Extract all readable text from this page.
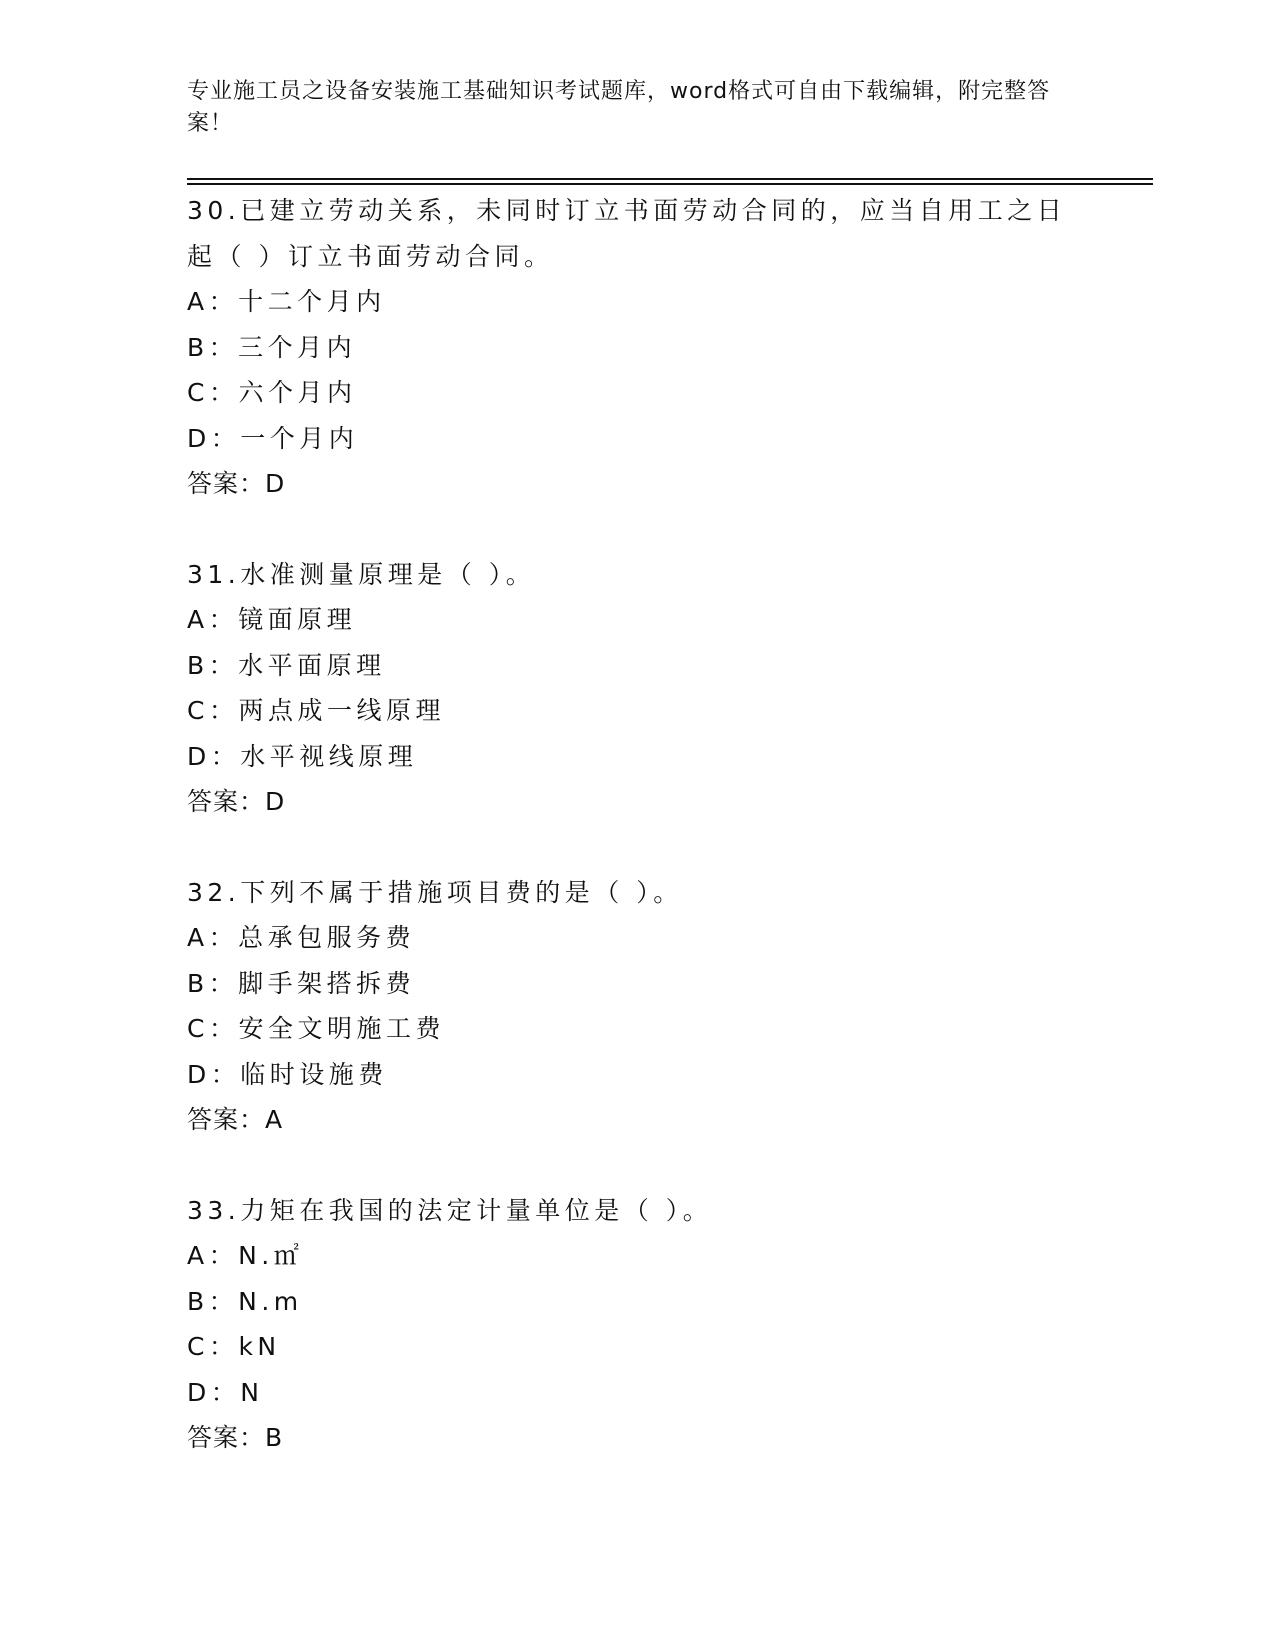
专业施工员之设备安装施工基础知识考试题库，word格式可自由下载编辑，附完整答案！

30.已建立劳动关系，未同时订立书面劳动合同的，应当自用工之日起（ ）订立书面劳动合同。

A：十二个月内

B：三个月内

C：六个月内

D：一个月内

答案：D

31.水准测量原理是（ ）。

A：镜面原理

B：水平面原理

C：两点成一线原理

D：水平视线原理

答案：D

32.下列不属于措施项目费的是（ ）。

A：总承包服务费

B：脚手架搭拆费

C：安全文明施工费

D：临时设施费

答案：A

33.力矩在我国的法定计量单位是（ ）。

A：N.㎡

B：N.m

C：kN

D：N

答案：B
